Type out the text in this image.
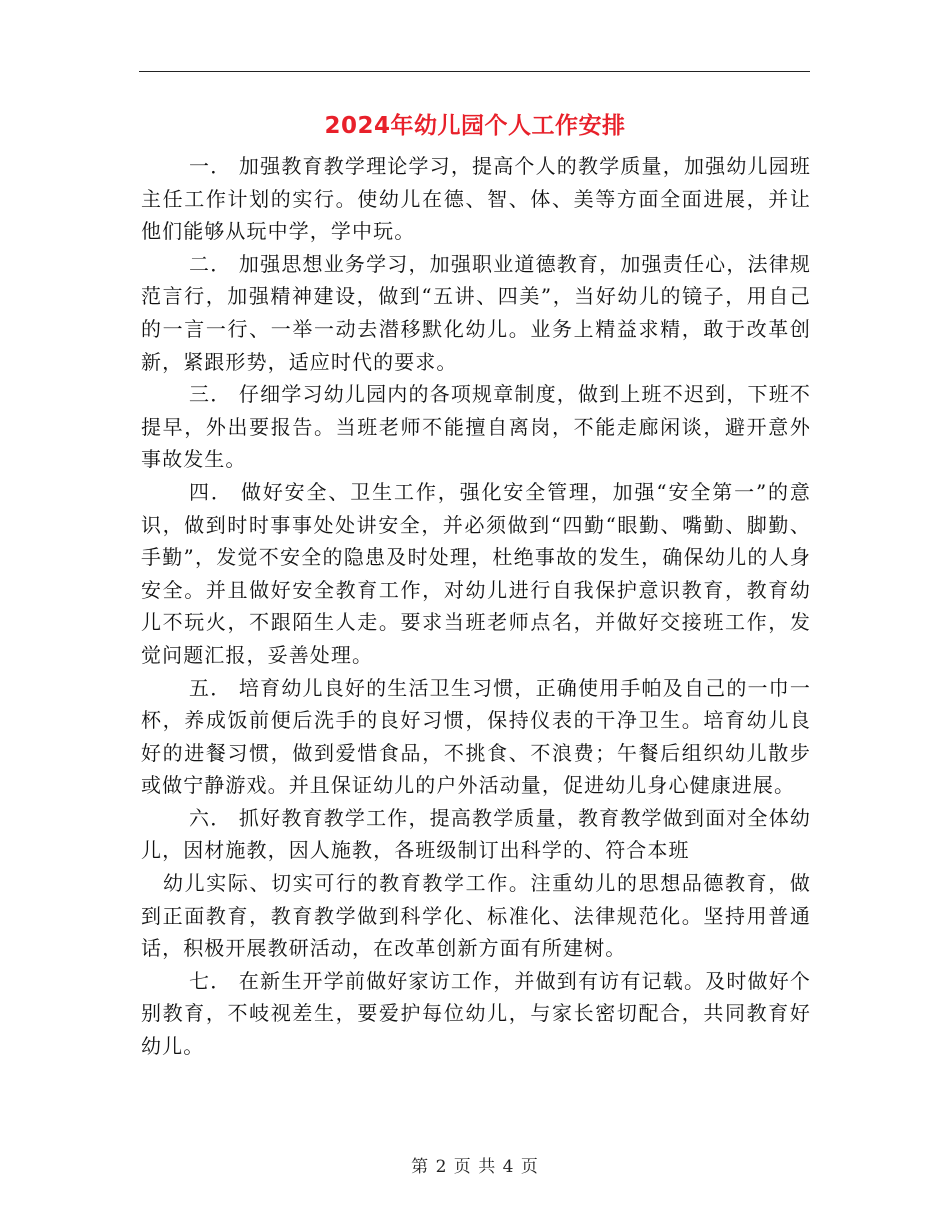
2024年幼儿园个人工作安排

一． 加强教育教学理论学习，提高个人的教学质量，加强幼儿园班主任工作计划的实行。使幼儿在德、智、体、美等方面全面进展，并让他们能够从玩中学，学中玩。

二． 加强思想业务学习，加强职业道德教育，加强责任心，法律规范言行，加强精神建设，做到“五讲、四美”，当好幼儿的镜子，用自己的一言一行、一举一动去潜移默化幼儿。业务上精益求精，敢于改革创新，紧跟形势，适应时代的要求。

三． 仔细学习幼儿园内的各项规章制度，做到上班不迟到，下班不提早，外出要报告。当班老师不能擅自离岗，不能走廊闲谈，避开意外事故发生。

四． 做好安全、卫生工作，强化安全管理，加强“安全第一”的意识，做到时时事事处处讲安全，并必须做到“四勤“眼勤、嘴勤、脚勤、手勤”，发觉不安全的隐患及时处理，杜绝事故的发生，确保幼儿的人身安全。并且做好安全教育工作，对幼儿进行自我保护意识教育，教育幼儿不玩火，不跟陌生人走。要求当班老师点名，并做好交接班工作，发觉问题汇报，妥善处理。

五． 培育幼儿良好的生活卫生习惯，正确使用手帕及自己的一巾一杯，养成饭前便后洗手的良好习惯，保持仪表的干净卫生。培育幼儿良好的进餐习惯，做到爱惜食品，不挑食、不浪费；午餐后组织幼儿散步或做宁静游戏。并且保证幼儿的户外活动量，促进幼儿身心健康进展。

六． 抓好教育教学工作，提高教学质量，教育教学做到面对全体幼儿，因材施教，因人施教，各班级制订出科学的、符合本班

幼儿实际、切实可行的教育教学工作。注重幼儿的思想品德教育，做到正面教育，教育教学做到科学化、标准化、法律规范化。坚持用普通话，积极开展教研活动，在改革创新方面有所建树。

七． 在新生开学前做好家访工作，并做到有访有记载。及时做好个别教育，不岐视差生，要爱护每位幼儿，与家长密切配合，共同教育好幼儿。

第 2 页 共 4 页
